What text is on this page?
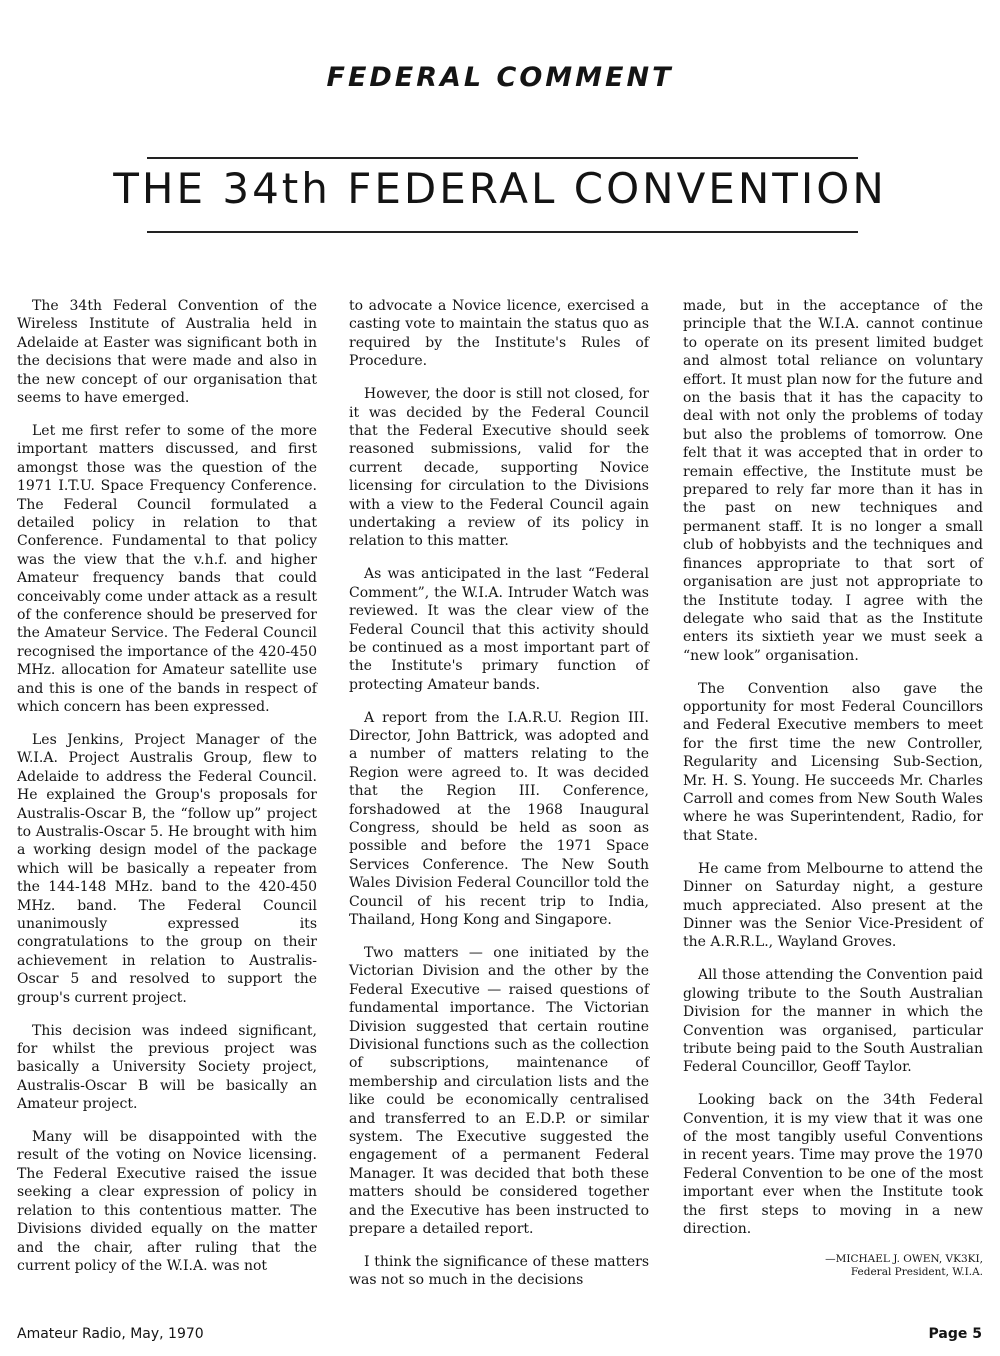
FEDERAL COMMENT
THE 34th FEDERAL CONVENTION

The 34th Federal Convention of the Wireless Institute of Australia held in Adelaide at Easter was significant both in the decisions that were made and also in the new concept of our organisation that seems to have emerged.

Let me first refer to some of the more important matters discussed, and first amongst those was the question of the 1971 I.T.U. Space Frequency Conference. The Federal Council formulated a detailed policy in relation to that Conference. Fundamental to that policy was the view that the v.h.f. and higher Amateur frequency bands that could conceivably come under attack as a result of the conference should be preserved for the Amateur Service. The Federal Council recognised the importance of the 420-450 MHz. allocation for Amateur satellite use and this is one of the bands in respect of which concern has been expressed.

Les Jenkins, Project Manager of the W.I.A. Project Australis Group, flew to Adelaide to address the Federal Council. He explained the Group's proposals for Australis-Oscar B, the “follow up” project to Australis-Oscar 5. He brought with him a working design model of the package which will be basically a repeater from the 144-148 MHz. band to the 420-450 MHz. band. The Federal Council unanimously expressed its congratulations to the group on their achievement in relation to Australis-Oscar 5 and resolved to support the group's current project.

This decision was indeed significant, for whilst the previous project was basically a University Society project, Australis-Oscar B will be basically an Amateur project.

Many will be disappointed with the result of the voting on Novice licensing. The Federal Executive raised the issue seeking a clear expression of policy in relation to this contentious matter. The Divisions divided equally on the matter and the chair, after ruling that the current policy of the W.I.A. was not

to advocate a Novice licence, exercised a casting vote to maintain the status quo as required by the Institute's Rules of Procedure.

However, the door is still not closed, for it was decided by the Federal Council that the Federal Executive should seek reasoned submissions, valid for the current decade, supporting Novice licensing for circulation to the Divisions with a view to the Federal Council again undertaking a review of its policy in relation to this matter.

As was anticipated in the last “Federal Comment”, the W.I.A. Intruder Watch was reviewed. It was the clear view of the Federal Council that this activity should be continued as a most important part of the Institute's primary function of protecting Amateur bands.

A report from the I.A.R.U. Region III. Director, John Battrick, was adopted and a number of matters relating to the Region were agreed to. It was decided that the Region III. Conference, forshadowed at the 1968 Inaugural Congress, should be held as soon as possible and before the 1971 Space Services Conference. The New South Wales Division Federal Councillor told the Council of his recent trip to India, Thailand, Hong Kong and Singapore.

Two matters — one initiated by the Victorian Division and the other by the Federal Executive — raised questions of fundamental importance. The Victorian Division suggested that certain routine Divisional functions such as the collection of subscriptions, maintenance of membership and circulation lists and the like could be economically centralised and transferred to an E.D.P. or similar system. The Executive suggested the engagement of a permanent Federal Manager. It was decided that both these matters should be considered together and the Executive has been instructed to prepare a detailed report.

I think the significance of these matters was not so much in the decisions

made, but in the acceptance of the principle that the W.I.A. cannot continue to operate on its present limited budget and almost total reliance on voluntary effort. It must plan now for the future and on the basis that it has the capacity to deal with not only the problems of today but also the problems of tomorrow. One felt that it was accepted that in order to remain effective, the Institute must be prepared to rely far more than it has in the past on new techniques and permanent staff. It is no longer a small club of hobbyists and the techniques and finances appropriate to that sort of organisation are just not appropriate to the Institute today. I agree with the delegate who said that as the Institute enters its sixtieth year we must seek a “new look” organisation.

The Convention also gave the opportunity for most Federal Councillors and Federal Executive members to meet for the first time the new Controller, Regularity and Licensing Sub-Section, Mr. H. S. Young. He succeeds Mr. Charles Carroll and comes from New South Wales where he was Superintendent, Radio, for that State.

He came from Melbourne to attend the Dinner on Saturday night, a gesture much appreciated. Also present at the Dinner was the Senior Vice-President of the A.R.R.L., Wayland Groves.

All those attending the Convention paid glowing tribute to the South Australian Division for the manner in which the Convention was organised, particular tribute being paid to the South Australian Federal Councillor, Geoff Taylor.

Looking back on the 34th Federal Convention, it is my view that it was one of the most tangibly useful Conventions in recent years. Time may prove the 1970 Federal Convention to be one of the most important ever when the Institute took the first steps to moving in a new direction.

—MICHAEL J. OWEN, VK3KI,
Federal President, W.I.A.
Amateur Radio, May, 1970	Page 5
